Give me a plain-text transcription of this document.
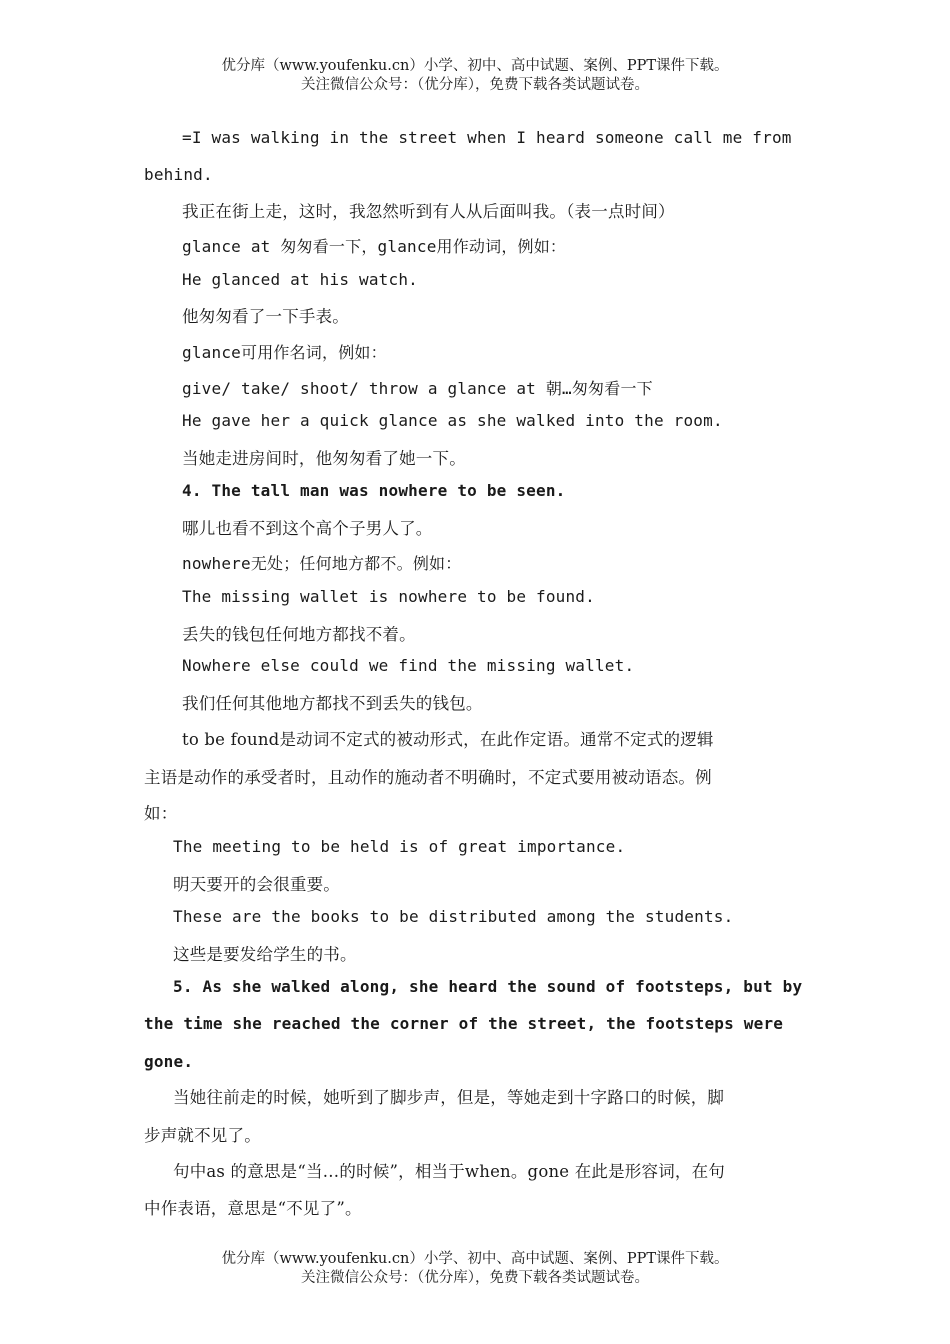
优分库（www.youfenku.cn）小学、初中、高中试题、案例、PPT课件下载。
关注微信公众号：（优分库），免费下载各类试题试卷。
=I was walking in the street when I heard someone call me from
behind.
我正在街上走，这时，我忽然听到有人从后面叫我。（表一点时间）
glance at 匆匆看一下，glance用作动词，例如：
He glanced at his watch.
他匆匆看了一下手表。
glance可用作名词，例如：
give/ take/ shoot/ throw a glance at 朝…匆匆看一下
He gave her a quick glance as she walked into the room.
当她走进房间时，他匆匆看了她一下。
4. The tall man was nowhere to be seen.
哪儿也看不到这个高个子男人了。
nowhere无处；任何地方都不。例如：
The missing wallet is nowhere to be found.
丢失的钱包任何地方都找不着。
Nowhere else could we find the missing wallet.
我们任何其他地方都找不到丢失的钱包。
to be found是动词不定式的被动形式，在此作定语。通常不定式的逻辑
主语是动作的承受者时，且动作的施动者不明确时，不定式要用被动语态。例
如：
The meeting to be held is of great importance.
明天要开的会很重要。
These are the books to be distributed among the students.
这些是要发给学生的书。
5. As she walked along, she heard the sound of footsteps, but by
the time she reached the corner of the street, the footsteps were
gone.
当她往前走的时候，她听到了脚步声，但是，等她走到十字路口的时候，脚
步声就不见了。
句中as 的意思是“当…的时候”，相当于when。gone 在此是形容词，在句
中作表语，意思是“不见了”。
优分库（www.youfenku.cn）小学、初中、高中试题、案例、PPT课件下载。
关注微信公众号：（优分库），免费下载各类试题试卷。
